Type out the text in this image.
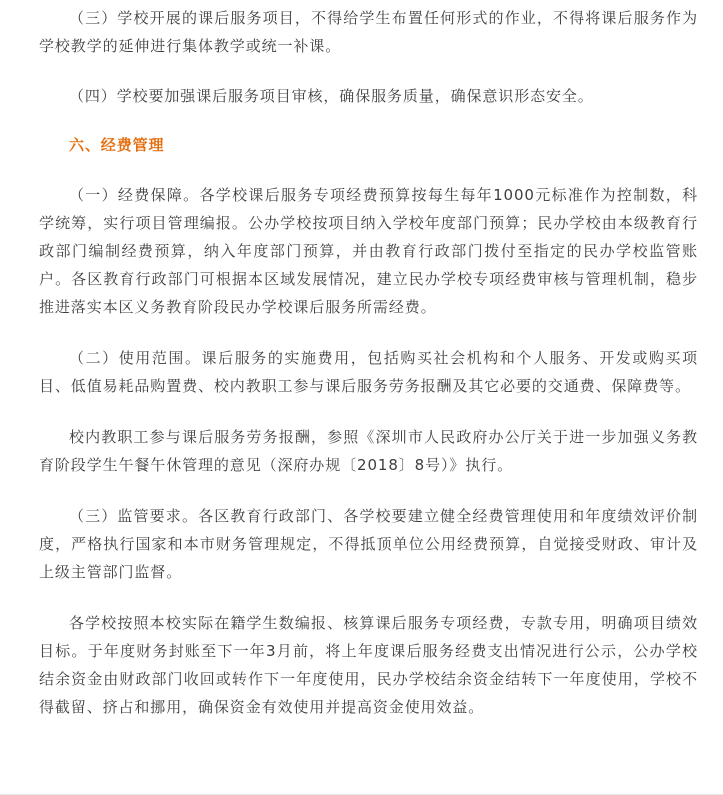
（三）学校开展的课后服务项目，不得给学生布置任何形式的作业，不得将课后服务作为学校教学的延伸进行集体教学或统一补课。

（四）学校要加强课后服务项目审核，确保服务质量，确保意识形态安全。

六、经费管理

（一）经费保障。各学校课后服务专项经费预算按每生每年1000元标准作为控制数，科学统筹，实行项目管理编报。公办学校按项目纳入学校年度部门预算；民办学校由本级教育行政部门编制经费预算，纳入年度部门预算，并由教育行政部门拨付至指定的民办学校监管账户。各区教育行政部门可根据本区域发展情况，建立民办学校专项经费审核与管理机制，稳步推进落实本区义务教育阶段民办学校课后服务所需经费。

（二）使用范围。课后服务的实施费用，包括购买社会机构和个人服务、开发或购买项目、低值易耗品购置费、校内教职工参与课后服务劳务报酬及其它必要的交通费、保障费等。

校内教职工参与课后服务劳务报酬，参照《深圳市人民政府办公厅关于进一步加强义务教育阶段学生午餐午休管理的意见（深府办规〔2018〕8号）》执行。

（三）监管要求。各区教育行政部门、各学校要建立健全经费管理使用和年度绩效评价制度，严格执行国家和本市财务管理规定，不得抵顶单位公用经费预算，自觉接受财政、审计及上级主管部门监督。

各学校按照本校实际在籍学生数编报、核算课后服务专项经费，专款专用，明确项目绩效目标。于年度财务封账至下一年3月前，将上年度课后服务经费支出情况进行公示，公办学校结余资金由财政部门收回或转作下一年度使用，民办学校结余资金结转下一年度使用，学校不得截留、挤占和挪用，确保资金有效使用并提高资金使用效益。
